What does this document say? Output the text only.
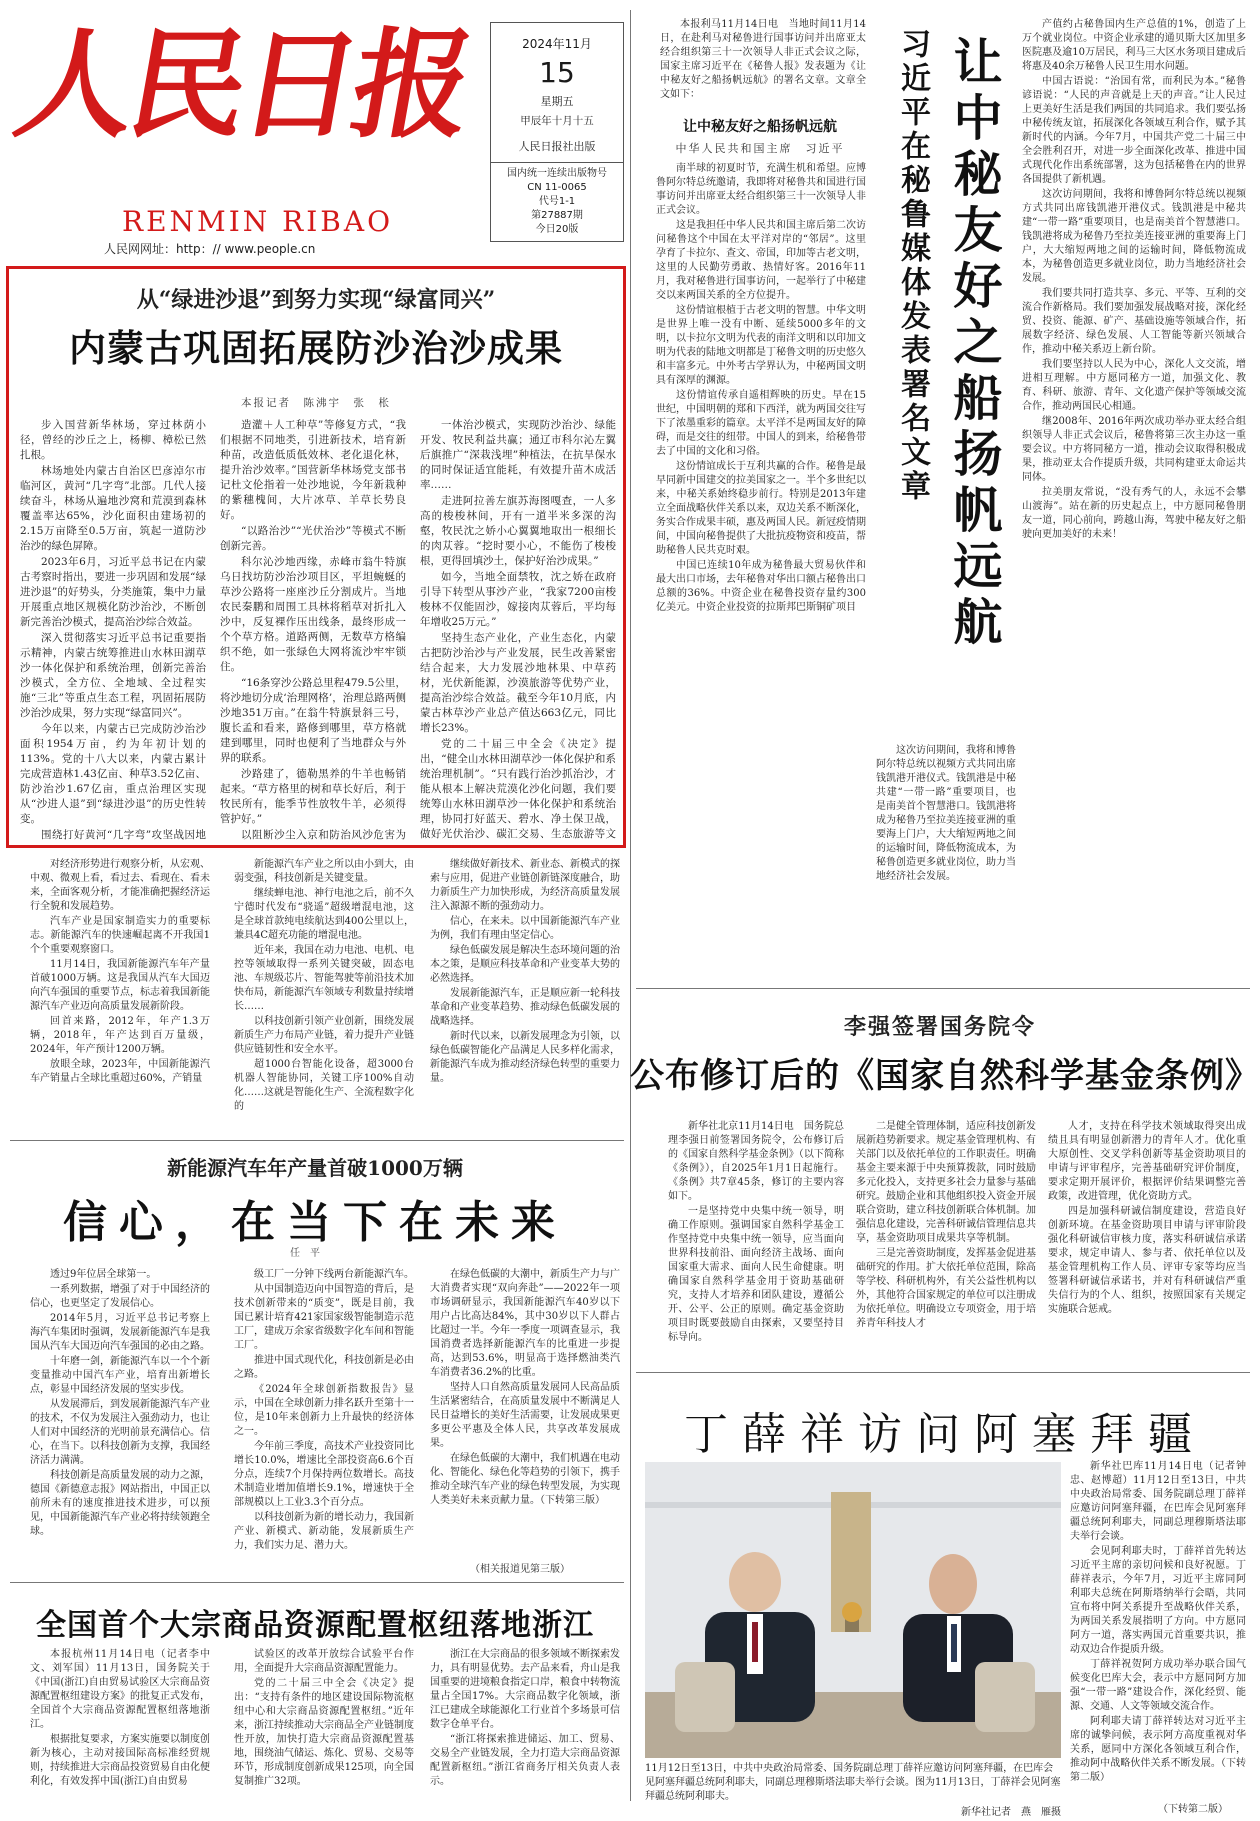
人民日报
RENMIN RIBAO
人民网网址：http：// www.people.cn
2024年11月
15
星期五
甲辰年十月十五
人民日报社出版
国内统一连续出版物号
CN 11-0065
代号1-1
第27887期
今日20版
从“绿进沙退”到努力实现“绿富同兴”
内蒙古巩固拓展防沙治沙成果
本报记者　陈沸宇　张　枨

步入国营新华林场，穿过林荫小径，曾经的沙丘之上，杨柳、樟松已然扎根。

林场地处内蒙古自治区巴彦淖尔市临河区，黄河“几字弯”北部。几代人接续奋斗，林场从遍地沙窝和荒漠到森林覆盖率达65%，沙化面积由建场初的2.15万亩降至0.5万亩，筑起一道防沙治沙的绿色屏障。

2023年6月，习近平总书记在内蒙古考察时指出，要进一步巩固和发展“绿进沙退”的好势头，分类施策，集中力量开展重点地区规模化防沙治沙，不断创新完善治沙模式，提高治沙综合效益。

深入贯彻落实习近平总书记重要指示精神，内蒙古统筹推进山水林田湖草沙一体化保护和系统治理，创新完善治沙模式，全方位、全地域、全过程实施“三北”等重点生态工程，巩固拓展防沙治沙成果，努力实现“绿富同兴”。

今年以来，内蒙古已完成防沙治沙面积1954万亩，约为年初计划的113%。党的十八大以来，内蒙古累计完成营造林1.43亿亩、种草3.52亿亩、防沙治沙1.67亿亩，重点治理区实现从“沙进人退”到“绿进沙退”的历史性转变。

围绕打好黄河“几字弯”攻坚战因地

造灌＋人工种草”等修复方式，“我们根据不同地类，引进新技术，培育新种苗，改造低质低效林、老化退化林，提升治沙效率。”国营新华林场党支部书记杜文伦指着一处沙地说，今年新栽种的紫穗槐间，大片冰草、羊草长势良好。

“以路治沙”“光伏治沙”等模式不断创新完善。

科尔沁沙地西缘，赤峰市翁牛特旗乌日找坊防沙治沙项目区，平坦蜿蜒的草沙公路将一座座沙丘分割成片。当地农民秦鹏和周围工具林将稻草对折扎入沙中，反复裸作压出线条，最终形成一个个草方格。道路两侧，无数草方格编织不绝，如一张绿色大网将流沙牢牢锁住。

“16条穿沙公路总里程479.5公里，将沙地切分成‘治理网格’，治理总路两侧沙地351万亩。”在翁牛特旗景斜三号，腹长孟和看来，路修到哪里，草方格就建到哪里，同时也便利了当地群众与外界的联系。

沙路建了，德勒黑养的牛羊也畅销起来。“草方格里的树和草长好后，利于牧民所有，能季节性放牧牛羊，必须得管护好。”

以阻断沙尘入京和防治风沙危害为

一体治沙模式，实现防沙治沙、绿能开发、牧民利益共赢；通辽市科尔沁左翼后旗推广“深栽浅埋”种植法，在抗旱保水的同时保证适宜能耗，有效提升苗木成活率……

走进阿拉善左旗苏海图嘎查，一人多高的梭梭林间，开有一道半米多深的沟壑，牧民沈之娇小心翼翼地取出一根细长的肉苁蓉。“挖时要小心，不能伤了梭梭根，更得回填沙土，保护好治沙成果。”

如今，当地全面禁牧，沈之娇在政府引导下转型从事沙产业，“我家7200亩梭梭林不仅能固沙，嫁接肉苁蓉后，平均每年增收25万元。”

坚持生态产业化，产业生态化，内蒙古把防沙治沙与产业发展，民生改善紧密结合起来，大力发展沙地林果、中草药材，光伏新能源，沙漠旅游等优势产业，提高治沙综合效益。截至今年10月底，内蒙古林草沙产业总产值达663亿元，同比增长23%。

党的二十届三中全会《决定》提出，“健全山水林田湖草沙一体化保护和系统治理机制”。“只有践行治沙抓治沙，才能从根本上解决荒漠化沙化问题，我们要统筹山水林田湖草沙一体化保护和系统治理，协同打好蓝天、碧水、净土保卫战，做好光伏治沙、碳汇交易、生态旅游等文

对经济形势进行观察分析，从宏观、中观、微观上看，看过去、看现在、看未来，全面客观分析，才能准确把握经济运行全貌和发展趋势。

汽车产业是国家制造实力的重要标志。新能源汽车的快速崛起离不开我国1个个重要观察窗口。

11月14日，我国新能源汽车年产量首破1000万辆。这是我国从汽车大国迈向汽车强国的重要节点，标志着我国新能源汽车产业迈向高质量发展新阶段。

回首来路，2012年，年产1.3万辆，2018年，年产达到百万量级，2024年，年产预计1200万辆。

放眼全球，2023年，中国新能源汽车产销量占全球比重超过60%，产销量

新能源汽车产业之所以由小到大，由弱变强，科技创新是关键变量。

继续蝉电池、神行电池之后，前不久宁德时代发布“骁遥”超级增混电池，这是全球首款纯电续航达到400公里以上，兼具4C超充功能的增混电池。

近年来，我国在动力电池、电机、电控等领域取得一系列关键突破，固态电池、车规级芯片、智能驾驶等前沿技术加快布局，新能源汽车领域专利数量持续增长……

以科技创新引领产业创新，围绕发展新质生产力布局产业链，着力提升产业链供应链韧性和安全水平。

超1000台智能化设备，超3000台机器人智能协同，关键工序100%自动化……这就是智能化生产、全流程数字化的

继续做好新技术、新业态、新模式的探索与应用，促进产业链创新链深度融合，助力新质生产力加快形成，为经济高质量发展注入源源不断的强劲动力。

信心，在来未。以中国新能源汽车产业为例，我们有理由坚定信心。

绿色低碳发展是解决生态环境问题的治本之策，是顺应科技革命和产业变革大势的必然选择。

发展新能源汽车，正是顺应新一轮科技革命和产业变革趋势、推动绿色低碳发展的战略选择。

新时代以来，以新发展理念为引领，以绿色低碳智能化产品满足人民多样化需求，新能源汽车成为推动经济绿色转型的重要力量。

新能源汽车年产量首破1000万辆
信心，在当下在未来
任　平

透过9年位居全球第一。

一系列数据，增强了对于中国经济的信心，也更坚定了发展信心。

2014年5月，习近平总书记考察上海汽车集团时强调，发展新能源汽车是我国从汽车大国迈向汽车强国的必由之路。

十年磨一剑，新能源汽车以一个个新变量推动中国汽车产业，培育出新增长点，彰显中国经济发展的坚实步伐。

从发展滞后，到发展新能源汽车产业的技术，不仅为发展注入强劲动力，也让人们对中国经济的光明前景充满信心。信心，在当下。以科技创新为支撑，我国经济活力满满。

科技创新是高质量发展的动力之源，德国《新德意志报》网站指出，中国正以前所未有的速度推进技术进步，可以预见，中国新能源汽车产业必将持续领跑全球。

级工厂一分钟下线两台新能源汽车。

从中国制造迈向中国智造的背后，是技术创新带来的“质变”，既是目前，我国已累计培育421家国家级智能制造示范工厂，建成万余家省级数字化车间和智能工厂。

推进中国式现代化，科技创新是必由之路。

《2024年全球创新指数报告》显示，中国在全球创新力排名跃升至第十一位，是10年来创新力上升最快的经济体之一。

今年前三季度，高技术产业投资同比增长10.0%，增速比全部投资高6.6个百分点，连续7个月保持两位数增长。高技术制造业增加值增长9.1%，增速快于全部规模以上工业3.3个百分点。

以科技创新为新的增长动力，我国新产业、新模式、新动能，发展新质生产力，我们实力足、潜力大。

在绿色低碳的大潮中，新质生产力与广大消费者实现“双向奔赴”——2022年一项市场调研显示，我国新能源汽车40岁以下用户占比高达84%，其中30岁以下人群占比超过一半。今年一季度一项调查显示，我国消费者选择新能源汽车的比重进一步提高，达到53.6%，明显高于选择燃油类汽车消费者36.2%的比重。

坚持人口自然高质量发展同人民高品质生活紧密结合，在高质量发展中不断满足人民日益增长的美好生活需要，让发展成果更多更公平惠及全体人民，共享改革发展成果。

在绿色低碳的大潮中，我们机遇在电动化、智能化、绿色化等趋势的引领下，携手推动全球汽车产业的绿色转型发展，为实现人类美好未来贡献力量。（下转第三版）

（相关报道见第三版）
全国首个大宗商品资源配置枢纽落地浙江

本报杭州11月14日电（记者李中文、刘军国）11月13日，国务院关于《中国(浙江)自由贸易试验区大宗商品资源配置枢纽建设方案》的批复正式发布，全国首个大宗商品资源配置枢纽落地浙江。

根据批复要求，方案实施要以制度创新为核心，主动对接国际高标准经贸规则，持续推进大宗商品投资贸易自由化便利化，有效发挥中国(浙江)自由贸易

试验区的改革开放综合试验平台作用，全面提升大宗商品资源配置能力。

党的二十届三中全会《决定》提出：“支持有条件的地区建设国际物流枢纽中心和大宗商品资源配置枢纽。”近年来，浙江持续推动大宗商品全产业链制度性开放，加快打造大宗商品资源配置基地，围绕油气储运、炼化、贸易、交易等环节，形成制度创新成果125项，向全国复制推广32项。

浙江在大宗商品的很多领域不断探索发力，具有明显优势。去产品来看，舟山是我国重要的进境粮食指定口岸，粮食中转物流量占全国17%。大宗商品数字化领域，浙江已建成全球能源化工行业首个多场景可信数字仓单平台。

“浙江将探索推进储运、加工、贸易、交易全产业链发展，全力打造大宗商品资源配置新枢纽。”浙江省商务厅相关负责人表示。

习近平在秘鲁媒体发表署名文章 让中秘友好之船扬帆远航

本报利马11月14日电　当地时间11月14日，在赴利马对秘鲁进行国事访问并出席亚太经合组织第三十一次领导人非正式会议之际，国家主席习近平在《秘鲁人报》发表题为《让中秘友好之船扬帆远航》的署名文章。文章全文如下：

让中秘友好之船扬帆远航
中华人民共和国主席　习近平

南半球的初夏时节，充满生机和希望。应博鲁阿尔特总统邀请，我即将对秘鲁共和国进行国事访问并出席亚太经合组织第三十一次领导人非正式会议。

这是我担任中华人民共和国主席后第二次访问秘鲁这个中国在太平洋对岸的“邻居”。这里孕育了卡拉尔、查文、帝国，印加等古老文明，这里的人民勤劳勇敢、热情好客。2016年11月，我对秘鲁进行国事访问，一起举行了中秘建交以来两国关系的全方位提升。

这份情谊根植于古老文明的智慧。中华文明是世界上唯一没有中断、延续5000多年的文明，以卡拉尔文明为代表的南洋文明和以印加文明为代表的陆地文明都是丁秘鲁文明的历史悠久和丰富多元。中外考古学界认为，中秘两国文明具有深厚的渊源。

这份情谊传承自遥相辉映的历史。早在15世纪，中国明朝的郑和下西洋，就为两国交往写下了浓墨重彩的篇章。太平洋不是两国友好的障碍，而是交往的纽带。中国人的到来，给秘鲁带去了中国的文化和习俗。

这份情谊成长于互利共赢的合作。秘鲁是最早同新中国建交的拉美国家之一。半个多世纪以来，中秘关系始终稳步前行。特别是2013年建立全面战略伙伴关系以来，双边关系不断深化，务实合作成果丰硕，惠及两国人民。新冠疫情期间，中国向秘鲁提供了大批抗疫物资和疫苗，帮助秘鲁人民共克时艰。

中国已连续10年成为秘鲁最大贸易伙伴和最大出口市场，去年秘鲁对华出口额占秘鲁出口总额的36%。中资企业在秘鲁投资存量约300亿美元。中资企业投资的拉斯邦巴斯铜矿项目

产值约占秘鲁国内生产总值的1%，创造了上万个就业岗位。中资企业承建的通贝斯大区加里多医院惠及逾10万居民，利马三大区水务项目建成后将惠及40余万秘鲁人民卫生用水问题。

中国古语说：“治国有常，而利民为本。”秘鲁谚语说：“人民的声音就是上天的声音。”让人民过上更美好生活是我们两国的共同追求。我们要弘扬中秘传统友谊，拓展深化各领域互利合作，赋予其新时代的内涵。今年7月，中国共产党二十届三中全会胜利召开，对进一步全面深化改革、推进中国式现代化作出系统部署，这为包括秘鲁在内的世界各国提供了新机遇。

这次访问期间，我将和博鲁阿尔特总统以视频方式共同出席钱凯港开港仪式。钱凯港是中秘共建“一带一路”重要项目，也是南美首个智慧港口。钱凯港将成为秘鲁乃至拉美连接亚洲的重要海上门户，大大缩短两地之间的运输时间，降低物流成本，为秘鲁创造更多就业岗位，助力当地经济社会发展。

我们要共同打造共享、多元、平等、互利的交流合作新格局。我们要加强发展战略对接，深化经贸、投资、能源、矿产、基础设施等领域合作，拓展数字经济、绿色发展、人工智能等新兴领域合作，推动中秘关系迈上新台阶。

我们要坚持以人民为中心，深化人文交流，增进相互理解。中方愿同秘方一道，加强文化、教育、科研、旅游、青年、文化遗产保护等领域交流合作，推动两国民心相通。

继2008年、2016年两次成功举办亚太经合组织领导人非正式会议后，秘鲁将第三次主办这一重要会议。中方将同秘方一道，推动会议取得积极成果，推动亚太合作提质升级，共同构建亚太命运共同体。

拉美朋友常说，“没有秀气的人，永远不会攀山渡海”。站在新的历史起点上，中方愿同秘鲁朋友一道，同心前向，跨越山海，驾驶中秘友好之船驶向更加美好的未来！

这次访问期间，我将和博鲁阿尔特总统以视频方式共同出席钱凯港开港仪式。钱凯港是中秘共建“一带一路”重要项目，也是南美首个智慧港口。钱凯港将成为秘鲁乃至拉美连接亚洲的重要海上门户，大大缩短两地之间的运输时间，降低物流成本，为秘鲁创造更多就业岗位，助力当地经济社会发展。

李强签署国务院令
公布修订后的《国家自然科学基金条例》

新华社北京11月14日电　国务院总理李强日前签署国务院令，公布修订后的《国家自然科学基金条例》（以下简称《条例》），自2025年1月1日起施行。《条例》共7章45条，修订的主要内容如下。

一是坚持党中央集中统一领导，明确工作原则。强调国家自然科学基金工作坚持党中央集中统一领导，应当面向世界科技前沿、面向经济主战场、面向国家重大需求、面向人民生命健康。明确国家自然科学基金用于资助基础研究，支持人才培养和团队建设，遵循公开、公平、公正的原则。确定基金资助项目时既要鼓励自由探索，又要坚持目标导向。

二是健全管理体制，适应科技创新发展新趋势新要求。规定基金管理机构、有关部门以及依托单位的工作职责任。明确基金主要来源于中央预算拨款，同时鼓励多元化投入，支持更多社会力量参与基础研究。鼓励企业和其他组织投入资金开展联合资助，建立科技创新联合体机制。加强信息化建设，完善科研诚信管理信息共享，基金资助项目成果共享等机制。

三是完善资助制度，发挥基金促进基础研究的作用。扩大依托单位范围，除高等学校、科研机构外，有关公益性机构以外，其他符合国家规定的单位可以注册成为依托单位。明确设立专项资金，用于培养青年科技人才

人才，支持在科学技术领域取得突出成绩且具有明显创新潜力的青年人才。优化重大原创性、交叉学科创新等基金资助项目的申请与评审程序，完善基础研究评价制度，要求定期开展评价，根据评价结果调整完善政策，改进管理，优化资助方式。

四是加强科研诚信制度建设，营造良好创新环境。在基金资助项目申请与评审阶段强化科研诚信审核力度，落实科研诚信承诺要求，规定申请人、参与者、依托单位以及基金管理机构工作人员、评审专家等均应当签署科研诚信承诺书，并对有科研诚信严重失信行为的个人、组织，按照国家有关规定实施联合惩戒。

丁薛祥访问阿塞拜疆
11月12日至13日，中共中央政治局常委、国务院副总理丁薛祥应邀访问阿塞拜疆，在巴库会见阿塞拜疆总统阿利耶夫，同副总理穆斯塔法耶夫举行会谈。图为11月13日，丁薛祥会见阿塞拜疆总统阿利耶夫。
新华社记者　燕　雁摄

新华社巴库11月14日电（记者钟忠、赵博超）11月12日至13日，中共中央政治局常委、国务院副总理丁薛祥应邀访问阿塞拜疆，在巴库会见阿塞拜疆总统阿利耶夫，同副总理穆斯塔法耶夫举行会谈。

会见阿利耶夫时，丁薛祥首先转达习近平主席的亲切问候和良好祝愿。丁薛祥表示，今年7月，习近平主席同阿利耶夫总统在阿斯塔纳举行会晤，共同宣布将中阿关系提升至战略伙伴关系，为两国关系发展指明了方向。中方愿同阿方一道，落实两国元首重要共识，推动双边合作提质升级。

丁薛祥祝贺阿方成功举办联合国气候变化巴库大会，表示中方愿同阿方加强“一带一路”建设合作，深化经贸、能源、交通、人文等领域交流合作。

阿利耶夫请丁薛祥转达对习近平主席的诚挚问候，表示阿方高度重视对华关系，愿同中方深化各领域互利合作，推动阿中战略伙伴关系不断发展。（下转第二版）

（下转第二版）
